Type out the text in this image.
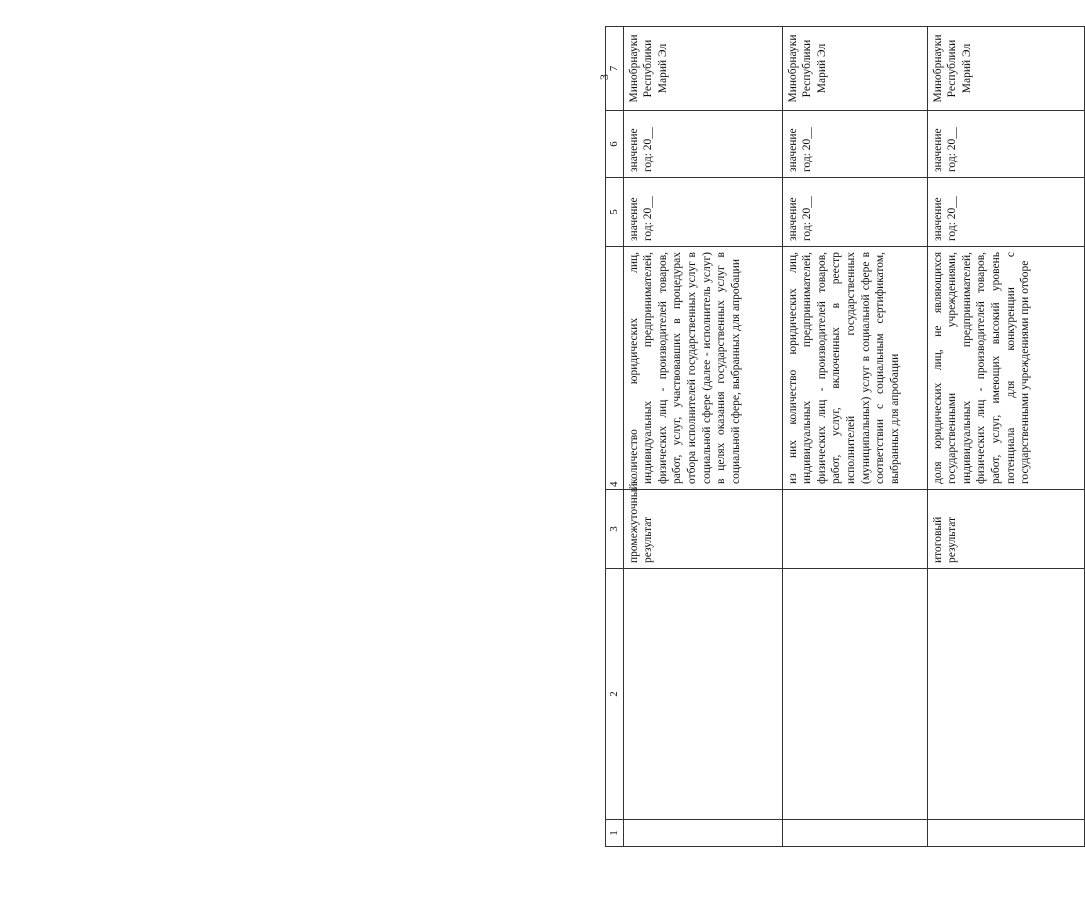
3
1	2	3	4	5	6	7
		промежуточный результат	количество юридических лиц, индивидуальных предпринимателей, физических лиц - производителей товаров, работ, услуг, участвовавших в процедурах отбора исполнителей государственных услуг в социальной сфере (далее - исполнитель услуг) в целях оказания государственных услуг в социальной сфере, выбранных для апробации	значение год: 20__	значение год: 20__	Минобрнауки Республики Марий Эл
			из них количество юридических лиц, индивидуальных предпринимателей, физических лиц - производителей товаров, работ, услуг, включенных в реестр исполнителей государственных (муниципальных) услуг в социальной сфере в соответствии с социальным сертификатом, выбранных для апробации	значение год: 20__	значение год: 20__	Минобрнауки Республики Марий Эл
		итоговый результат	доля юридических лиц, не являющихся государственными учреждениями, индивидуальных предпринимателей, физических лиц - производителей товаров, работ, услуг, имеющих высокий уровень потенциала для конкуренции с государственными учреждениями при отборе	значение год: 20__	значение год: 20__	Минобрнауки Республики Марий Эл
